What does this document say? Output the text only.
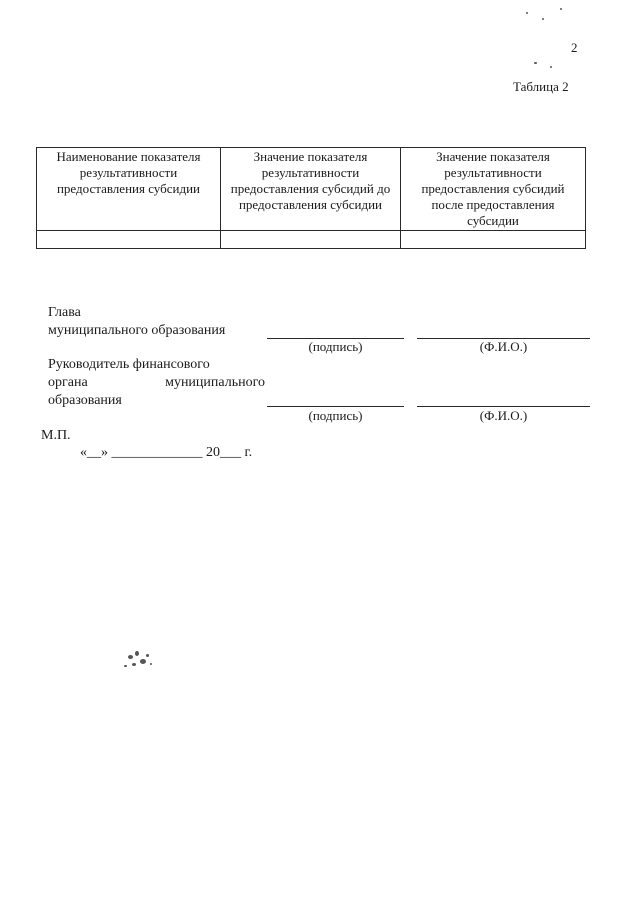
2
Таблица 2
Наименование показателя результативности предоставления субсидии	Значение показателя результативности предоставления субсидий до предоставления субсидии	Значение показателя результативности предоставления субсидий после предоставления субсидии

Глава
муниципального образования
(подпись)	(Ф.И.О.)
Руководитель финансового
органа муниципального
образования
(подпись)	(Ф.И.О.)
М.П.
«__» _____________ 20___ г.
